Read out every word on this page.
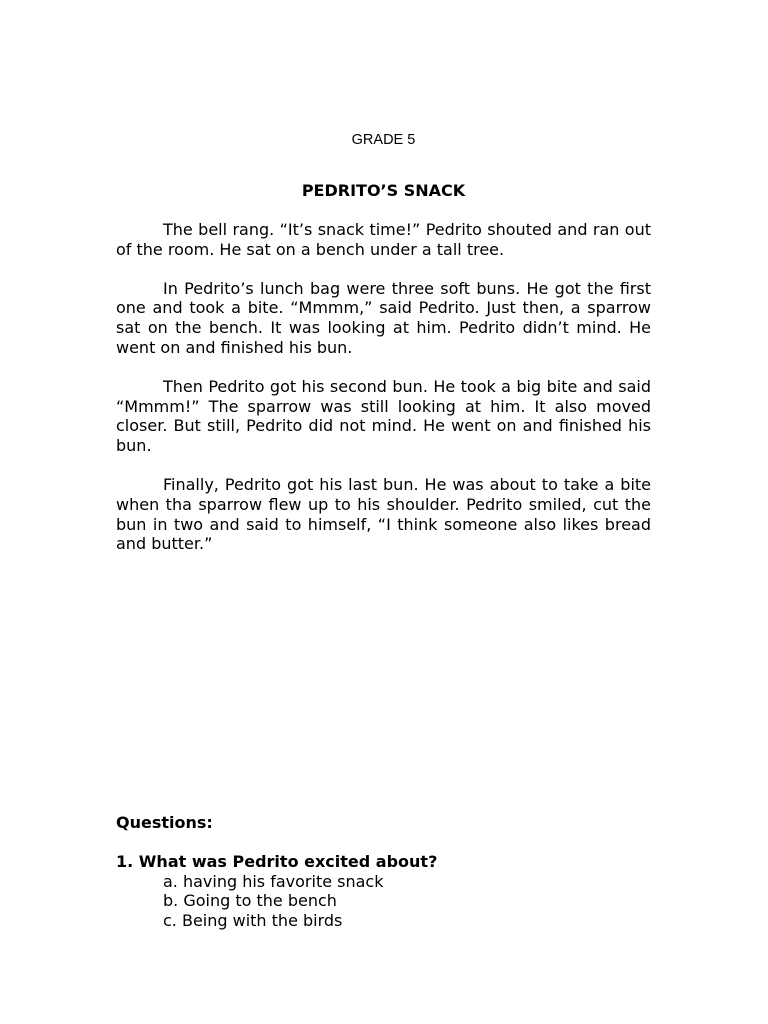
GRADE 5
PEDRITO’S SNACK

The bell rang. “It’s snack time!” Pedrito shouted and ran out of the room. He sat on a bench under a tall tree.

In Pedrito’s lunch bag were three soft buns. He got the first one and took a bite. “Mmmm,” said Pedrito. Just then, a sparrow sat on the bench. It was looking at him. Pedrito didn’t mind. He went on and finished his bun.

Then Pedrito got his second bun. He took a big bite and said “Mmmm!” The sparrow was still looking at him. It also moved closer. But still, Pedrito did not mind. He went on and finished his bun.

Finally, Pedrito got his last bun. He was about to take a bite when tha sparrow flew up to his shoulder. Pedrito smiled, cut the bun in two and said to himself, “I think someone also likes bread and butter.”

Questions:

1. What was Pedrito excited about?

a. having his favorite snack
b. Going to the bench
c. Being with the birds
